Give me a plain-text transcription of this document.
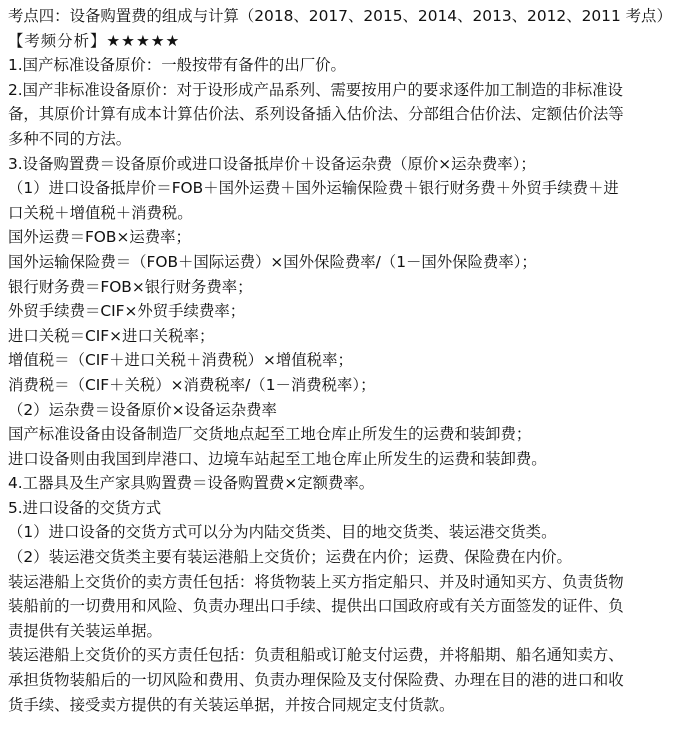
考点四：设备购置费的组成与计算（2018、2017、2015、2014、2013、2012、2011 考点）
【考频分析】★★★★★
1.国产标准设备原价：一般按带有备件的出厂价。
2.国产非标准设备原价：对于设形成产品系列、需要按用户的要求逐件加工制造的非标准设
备，其原价计算有成本计算估价法、系列设备插入估价法、分部组合估价法、定额估价法等
多种不同的方法。
3.设备购置费＝设备原价或进口设备抵岸价＋设备运杂费（原价×运杂费率）；
（1）进口设备抵岸价＝FOB＋国外运费＋国外运输保险费＋银行财务费＋外贸手续费＋进
口关税＋增值税＋消费税。
国外运费＝FOB×运费率；
国外运输保险费＝（FOB＋国际运费）×国外保险费率/（1－国外保险费率）；
银行财务费＝FOB×银行财务费率；
外贸手续费＝CIF×外贸手续费率；
进口关税＝CIF×进口关税率；
增值税＝（CIF＋进口关税＋消费税）×增值税率；
消费税＝（CIF＋关税）×消费税率/（1－消费税率）；
（2）运杂费＝设备原价×设备运杂费率
国产标准设备由设备制造厂交货地点起至工地仓库止所发生的运费和装卸费；
进口设备则由我国到岸港口、边境车站起至工地仓库止所发生的运费和装卸费。
4.工器具及生产家具购置费＝设备购置费×定额费率。
5.进口设备的交货方式
（1）进口设备的交货方式可以分为内陆交货类、目的地交货类、装运港交货类。
（2）装运港交货类主要有装运港船上交货价；运费在内价；运费、保险费在内价。
装运港船上交货价的卖方责任包括：将货物装上买方指定船只、并及时通知买方、负责货物
装船前的一切费用和风险、负责办理出口手续、提供出口国政府或有关方面签发的证件、负
责提供有关装运单据。
装运港船上交货价的买方责任包括：负责租船或订舱支付运费，并将船期、船名通知卖方、
承担货物装船后的一切风险和费用、负责办理保险及支付保险费、办理在目的港的进口和收
货手续、接受卖方提供的有关装运单据，并按合同规定支付货款。
